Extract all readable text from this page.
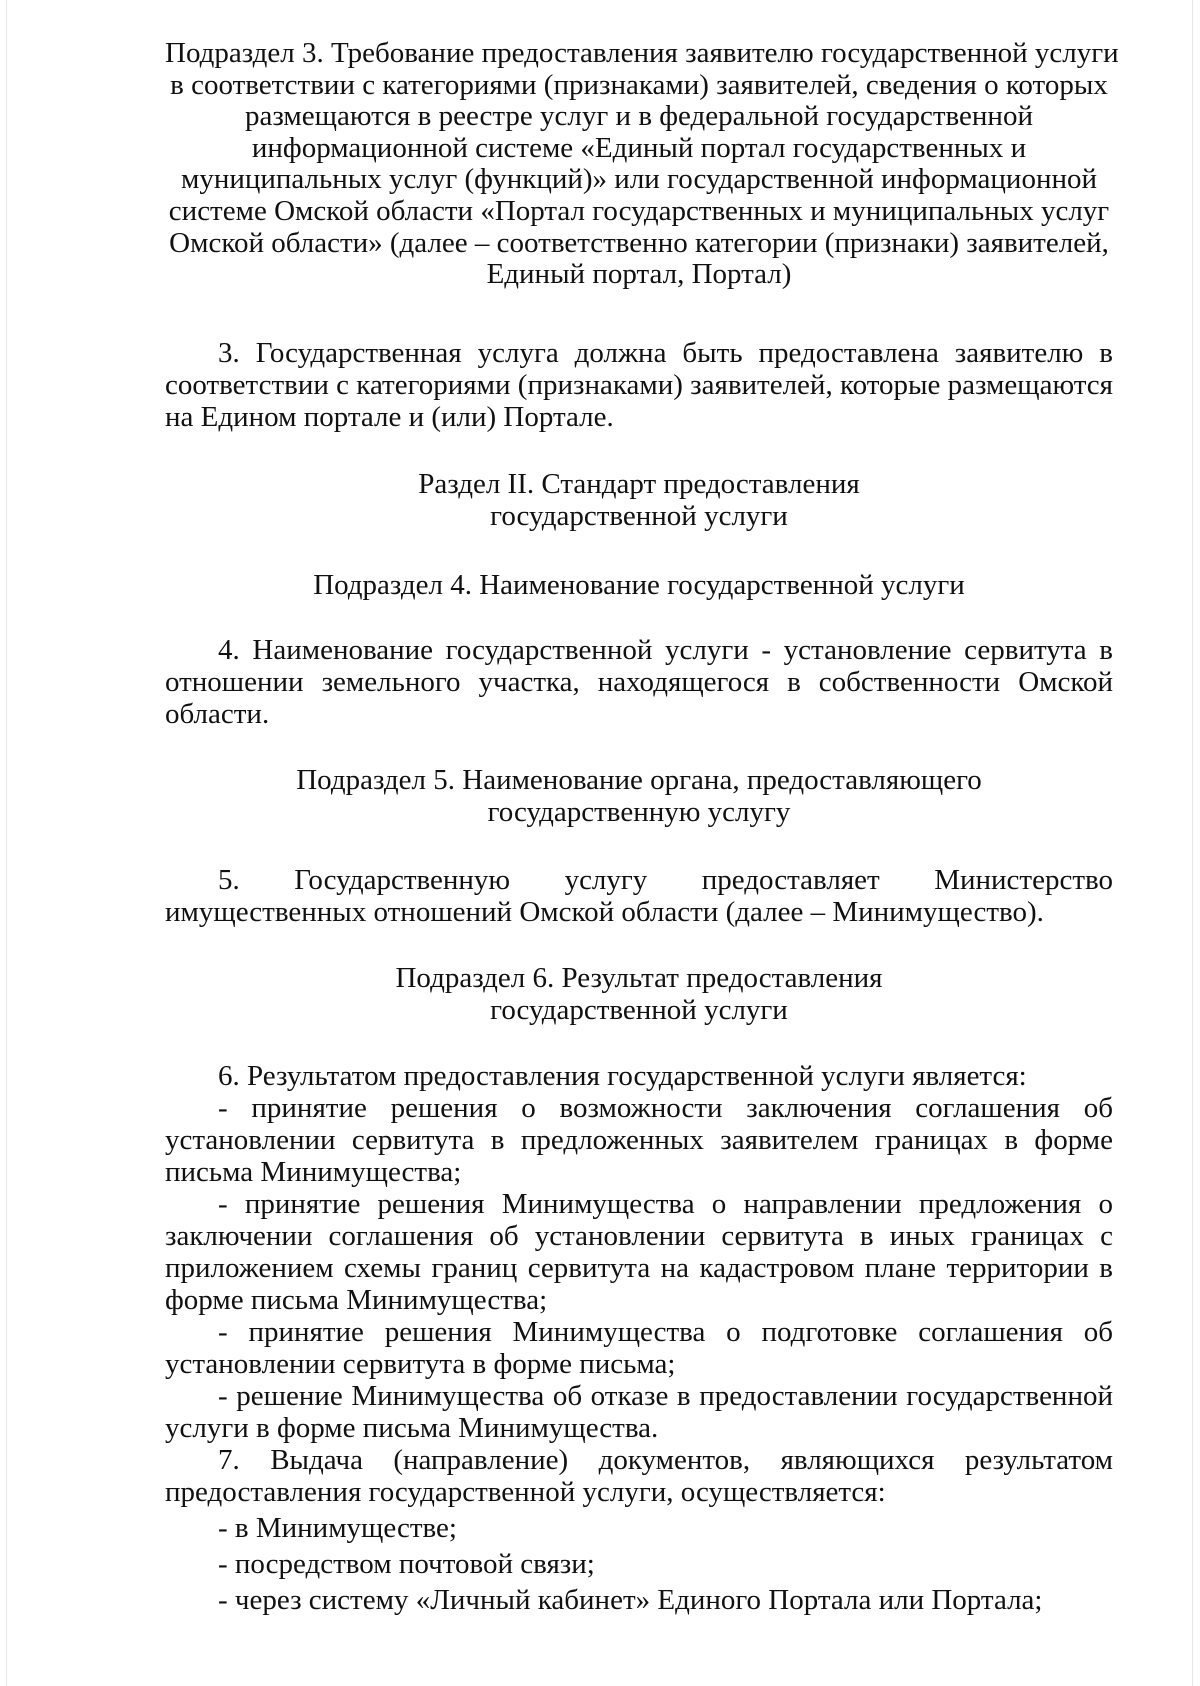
Подраздел 3. Требование предоставления заявителю государственной услуги
в соответствии с категориями (признаками) заявителей, сведения о которых
размещаются в реестре услуг и в федеральной государственной
информационной системе «Единый портал государственных и
муниципальных услуг (функций)» или государственной информационной
системе Омской области «Портал государственных и муниципальных услуг
Омской области» (далее – соответственно категории (признаки) заявителей,
Единый портал, Портал)
3. Государственная услуга должна быть предоставлена заявителю в соответствии с категориями (признаками) заявителей, которые размещаются на Едином портале и (или) Портале.
Раздел II. Стандарт предоставления
государственной услуги
Подраздел 4. Наименование государственной услуги
4. Наименование государственной услуги - установление сервитута в отношении земельного участка, находящегося в собственности Омской области.
Подраздел 5. Наименование органа, предоставляющего
государственную услугу
5. Государственную услугу предоставляет Министерство
имущественных отношений Омской области (далее – Минимущество).
Подраздел 6. Результат предоставления
государственной услуги
6. Результатом предоставления государственной услуги является:
- принятие решения о возможности заключения соглашения об установлении сервитута в предложенных заявителем границах в форме письма Минимущества;
- принятие решения Минимущества о направлении предложения о заключении соглашения об установлении сервитута в иных границах с приложением схемы границ сервитута на кадастровом плане территории в форме письма Минимущества;
- принятие решения Минимущества о подготовке соглашения об установлении сервитута в форме письма;
- решение Минимущества об отказе в предоставлении государственной услуги в форме письма Минимущества.
7. Выдача (направление) документов, являющихся результатом
предоставления государственной услуги, осуществляется:
- в Минимуществе;
- посредством почтовой связи;
- через систему «Личный кабинет» Единого Портала или Портала;
